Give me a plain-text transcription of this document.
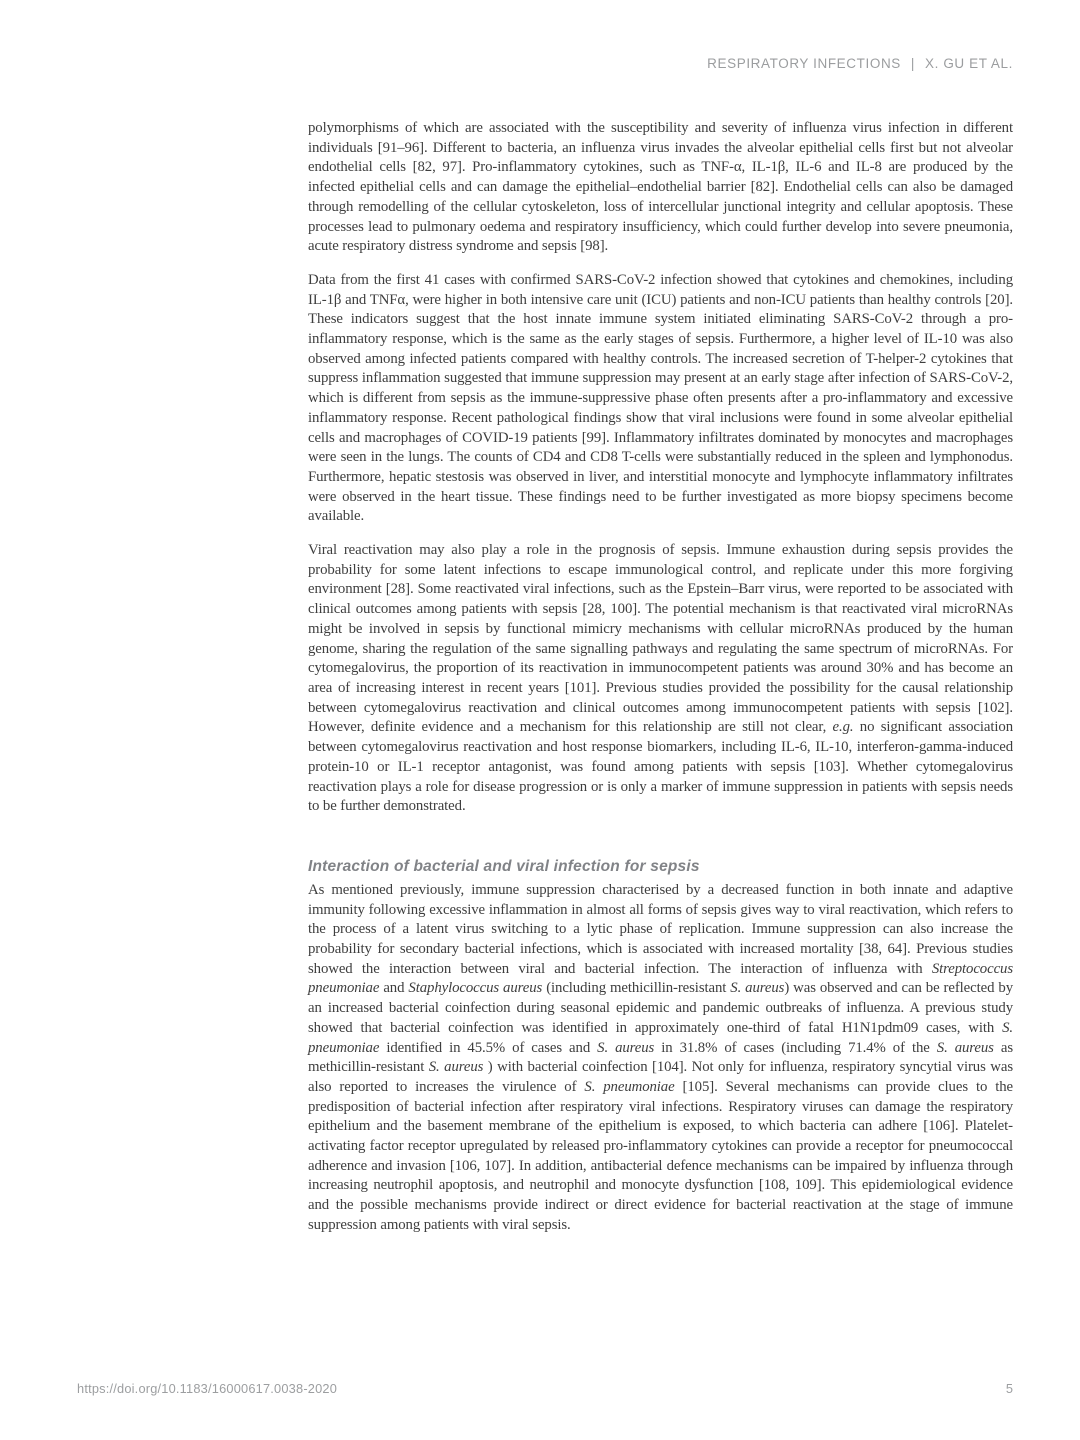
RESPIRATORY INFECTIONS | X. GU ET AL.

polymorphisms of which are associated with the susceptibility and severity of influenza virus infection in different individuals [91–96]. Different to bacteria, an influenza virus invades the alveolar epithelial cells first but not alveolar endothelial cells [82, 97]. Pro-inflammatory cytokines, such as TNF-α, IL-1β, IL-6 and IL-8 are produced by the infected epithelial cells and can damage the epithelial–endothelial barrier [82]. Endothelial cells can also be damaged through remodelling of the cellular cytoskeleton, loss of intercellular junctional integrity and cellular apoptosis. These processes lead to pulmonary oedema and respiratory insufficiency, which could further develop into severe pneumonia, acute respiratory distress syndrome and sepsis [98].

Data from the first 41 cases with confirmed SARS-CoV-2 infection showed that cytokines and chemokines, including IL-1β and TNFα, were higher in both intensive care unit (ICU) patients and non-ICU patients than healthy controls [20]. These indicators suggest that the host innate immune system initiated eliminating SARS-CoV-2 through a pro-inflammatory response, which is the same as the early stages of sepsis. Furthermore, a higher level of IL-10 was also observed among infected patients compared with healthy controls. The increased secretion of T-helper-2 cytokines that suppress inflammation suggested that immune suppression may present at an early stage after infection of SARS-CoV-2, which is different from sepsis as the immune-suppressive phase often presents after a pro-inflammatory and excessive inflammatory response. Recent pathological findings show that viral inclusions were found in some alveolar epithelial cells and macrophages of COVID-19 patients [99]. Inflammatory infiltrates dominated by monocytes and macrophages were seen in the lungs. The counts of CD4 and CD8 T-cells were substantially reduced in the spleen and lymphonodus. Furthermore, hepatic stestosis was observed in liver, and interstitial monocyte and lymphocyte inflammatory infiltrates were observed in the heart tissue. These findings need to be further investigated as more biopsy specimens become available.

Viral reactivation may also play a role in the prognosis of sepsis. Immune exhaustion during sepsis provides the probability for some latent infections to escape immunological control, and replicate under this more forgiving environment [28]. Some reactivated viral infections, such as the Epstein–Barr virus, were reported to be associated with clinical outcomes among patients with sepsis [28, 100]. The potential mechanism is that reactivated viral microRNAs might be involved in sepsis by functional mimicry mechanisms with cellular microRNAs produced by the human genome, sharing the regulation of the same signalling pathways and regulating the same spectrum of microRNAs. For cytomegalovirus, the proportion of its reactivation in immunocompetent patients was around 30% and has become an area of increasing interest in recent years [101]. Previous studies provided the possibility for the causal relationship between cytomegalovirus reactivation and clinical outcomes among immunocompetent patients with sepsis [102]. However, definite evidence and a mechanism for this relationship are still not clear, e.g. no significant association between cytomegalovirus reactivation and host response biomarkers, including IL-6, IL-10, interferon-gamma-induced protein-10 or IL-1 receptor antagonist, was found among patients with sepsis [103]. Whether cytomegalovirus reactivation plays a role for disease progression or is only a marker of immune suppression in patients with sepsis needs to be further demonstrated.

Interaction of bacterial and viral infection for sepsis

As mentioned previously, immune suppression characterised by a decreased function in both innate and adaptive immunity following excessive inflammation in almost all forms of sepsis gives way to viral reactivation, which refers to the process of a latent virus switching to a lytic phase of replication. Immune suppression can also increase the probability for secondary bacterial infections, which is associated with increased mortality [38, 64]. Previous studies showed the interaction between viral and bacterial infection. The interaction of influenza with Streptococcus pneumoniae and Staphylococcus aureus (including methicillin-resistant S. aureus) was observed and can be reflected by an increased bacterial coinfection during seasonal epidemic and pandemic outbreaks of influenza. A previous study showed that bacterial coinfection was identified in approximately one-third of fatal H1N1pdm09 cases, with S. pneumoniae identified in 45.5% of cases and S. aureus in 31.8% of cases (including 71.4% of the S. aureus as methicillin-resistant S. aureus ) with bacterial coinfection [104]. Not only for influenza, respiratory syncytial virus was also reported to increases the virulence of S. pneumoniae [105]. Several mechanisms can provide clues to the predisposition of bacterial infection after respiratory viral infections. Respiratory viruses can damage the respiratory epithelium and the basement membrane of the epithelium is exposed, to which bacteria can adhere [106]. Platelet-activating factor receptor upregulated by released pro-inflammatory cytokines can provide a receptor for pneumococcal adherence and invasion [106, 107]. In addition, antibacterial defence mechanisms can be impaired by influenza through increasing neutrophil apoptosis, and neutrophil and monocyte dysfunction [108, 109]. This epidemiological evidence and the possible mechanisms provide indirect or direct evidence for bacterial reactivation at the stage of immune suppression among patients with viral sepsis.

https://doi.org/10.1183/16000617.0038-2020	5
